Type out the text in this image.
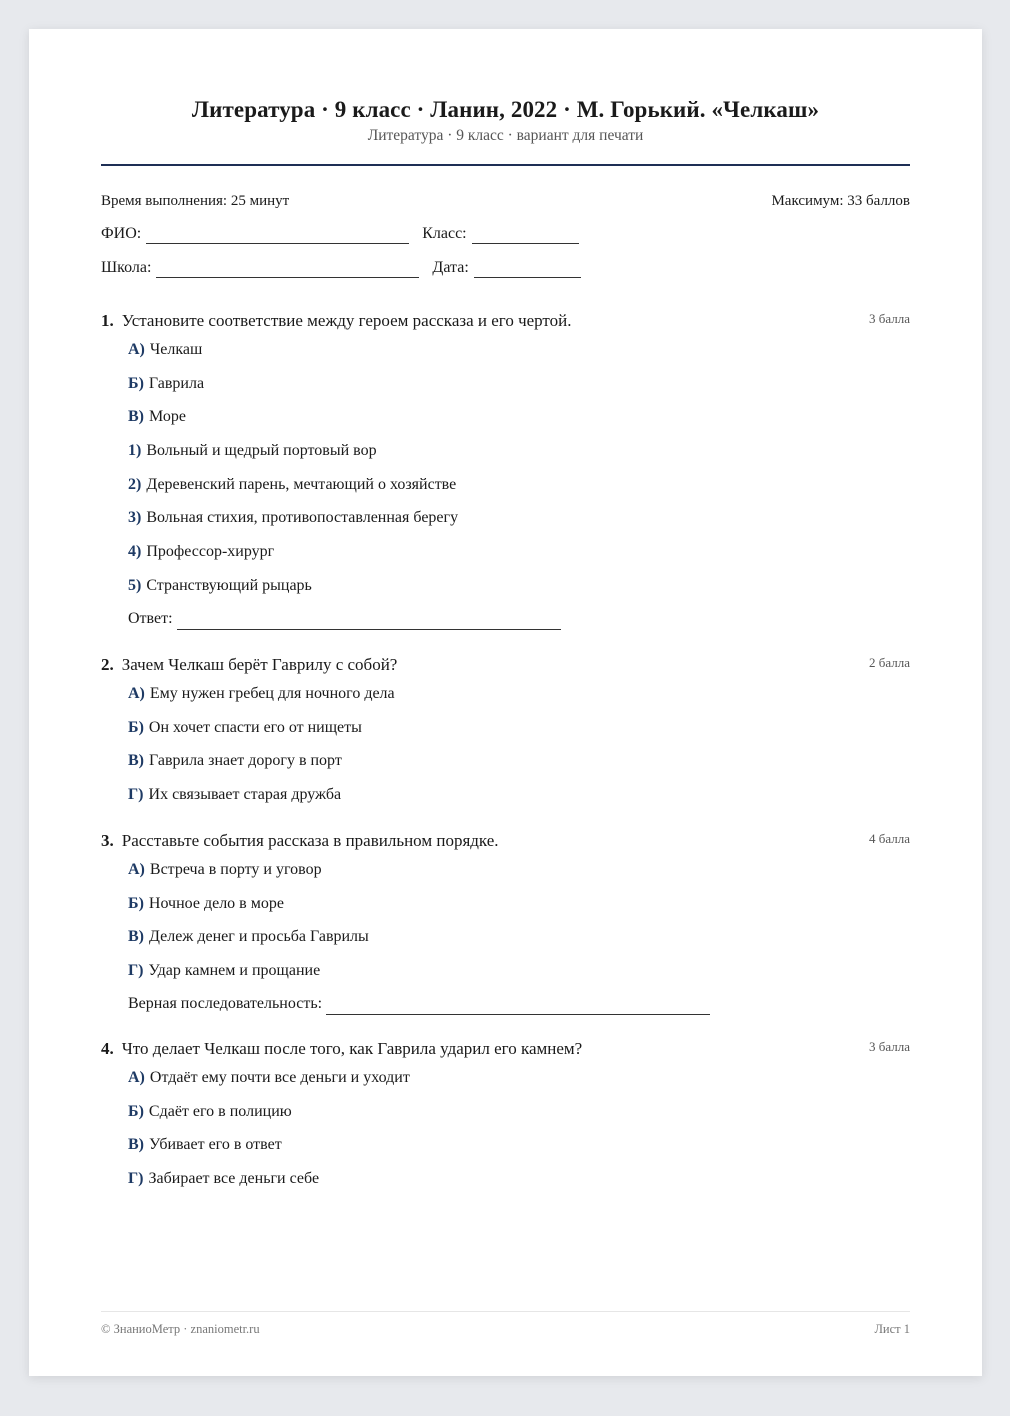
Литература · 9 класс · Ланин, 2022 · М. Горький. «Челкаш»
Литература · 9 класс · вариант для печати
Время выполнения: 25 минут	Максимум: 33 баллов
ФИО:	Класс:
Школа:	Дата:
1. Установите соответствие между героем рассказа и его чертой.	3 балла
А) Челкаш
Б) Гаврила
В) Море
1) Вольный и щедрый портовый вор
2) Деревенский парень, мечтающий о хозяйстве
3) Вольная стихия, противопоставленная берегу
4) Профессор-хирург
5) Странствующий рыцарь
Ответ:
2. Зачем Челкаш берёт Гаврилу с собой?	2 балла
А) Ему нужен гребец для ночного дела
Б) Он хочет спасти его от нищеты
В) Гаврила знает дорогу в порт
Г) Их связывает старая дружба
3. Расставьте события рассказа в правильном порядке.	4 балла
А) Встреча в порту и уговор
Б) Ночное дело в море
В) Дележ денег и просьба Гаврилы
Г) Удар камнем и прощание
Верная последовательность:
4. Что делает Челкаш после того, как Гаврила ударил его камнем?	3 балла
А) Отдаёт ему почти все деньги и уходит
Б) Сдаёт его в полицию
В) Убивает его в ответ
Г) Забирает все деньги себе
© ЗнаниоМетр · znaniometr.ru	Лист 1
